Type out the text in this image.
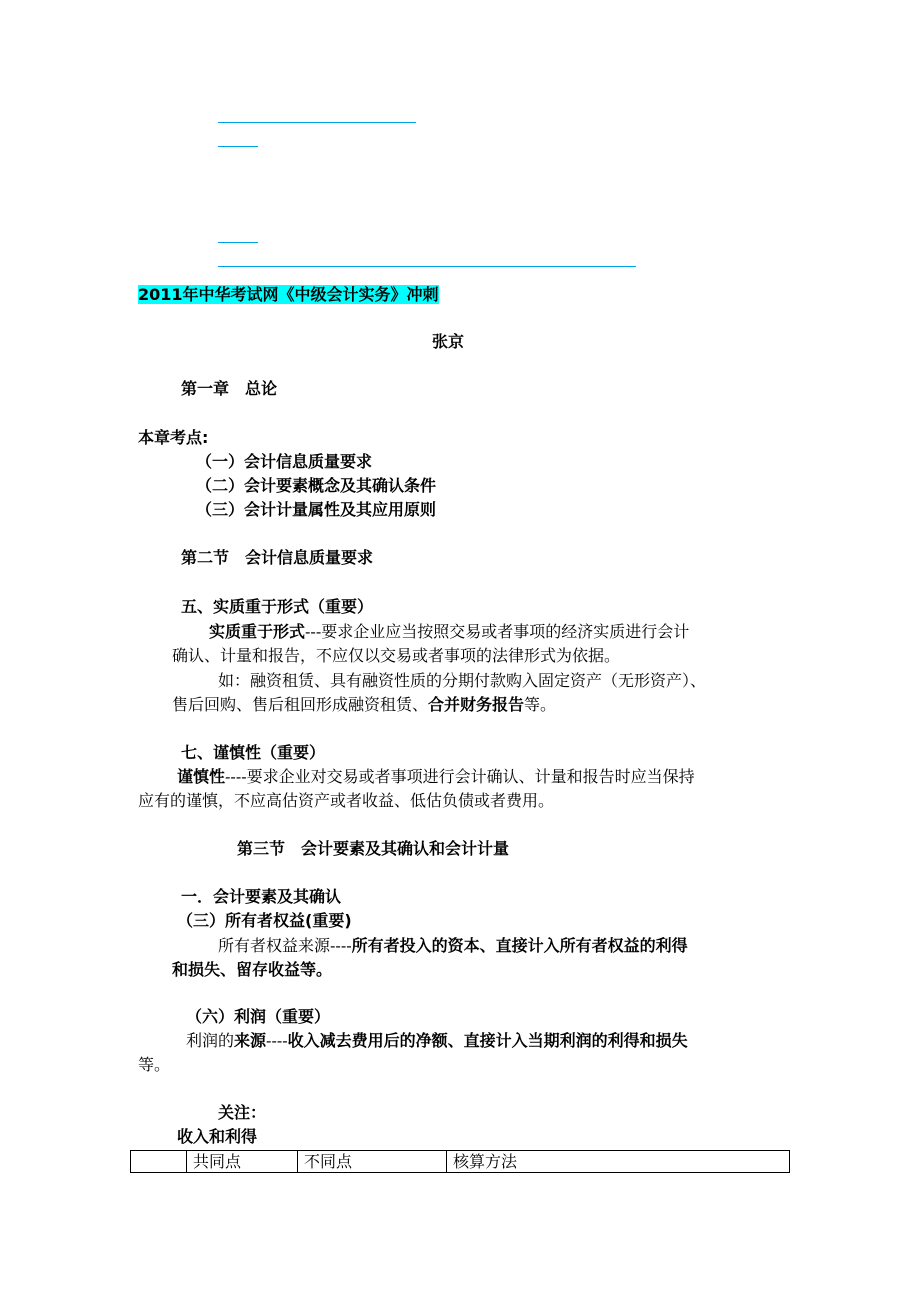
2011年中华考试网《中级会计实务》冲刺
张京
第一章　总论
本章考点:
（一）会计信息质量要求
（二）会计要素概念及其确认条件
（三）会计计量属性及其应用原则
第二节　会计信息质量要求
五、实质重于形式（重要）
实质重于形式---要求企业应当按照交易或者事项的经济实质进行会计
确认、计量和报告，不应仅以交易或者事项的法律形式为依据。
如：融资租赁、具有融资性质的分期付款购入固定资产（无形资产）、
售后回购、售后租回形成融资租赁、合并财务报告等。
七、谨慎性（重要）
谨慎性----要求企业对交易或者事项进行会计确认、计量和报告时应当保持
应有的谨慎，不应高估资产或者收益、低估负债或者费用。
第三节　会计要素及其确认和会计计量
一．会计要素及其确认
（三）所有者权益(重要)
所有者权益来源----所有者投入的资本、直接计入所有者权益的利得
和损失、留存收益等。
（六）利润（重要）
利润的来源----收入减去费用后的净额、直接计入当期利润的利得和损失
等。
关注：
收入和利得
	共同点	不同点	核算方法
